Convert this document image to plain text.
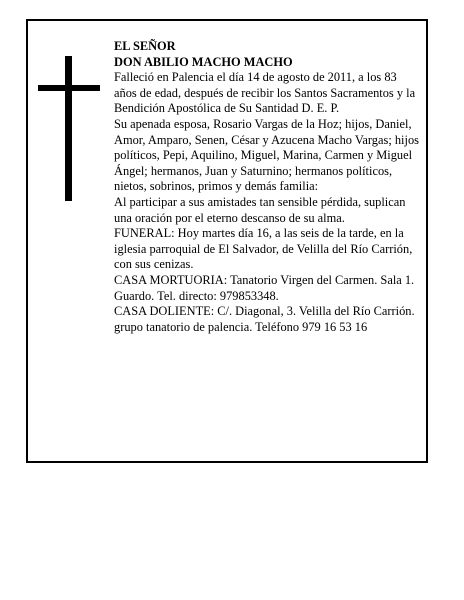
EL SEÑOR
DON ABILIO MACHO MACHO

Falleció en Palencia el día 14 de agosto de 2011, a los 83 años de edad, después de recibir los Santos Sacramentos y la Bendición Apostólica de Su Santidad D. E. P.

Su apenada esposa, Rosario Vargas de la Hoz; hijos, Daniel, Amor, Amparo, Senen, César y Azucena Macho Vargas; hijos políticos, Pepi, Aquilino, Miguel, Marina, Carmen y Miguel Ángel; hermanos, Juan y Saturnino; hermanos políticos, nietos, sobrinos, primos y demás familia:

Al participar a sus amistades tan sensible pérdida, suplican una oración por el eterno descanso de su alma.

FUNERAL: Hoy martes día 16, a las seis de la tarde, en la iglesia parroquial de El Salvador, de Velilla del Río Carrión, con sus cenizas.

CASA MORTUORIA: Tanatorio Virgen del Carmen. Sala 1. Guardo. Tel. directo: 979853348.

CASA DOLIENTE: C/. Diagonal, 3. Velilla del Río Carrión.

grupo tanatorio de palencia. Teléfono 979 16 53 16
